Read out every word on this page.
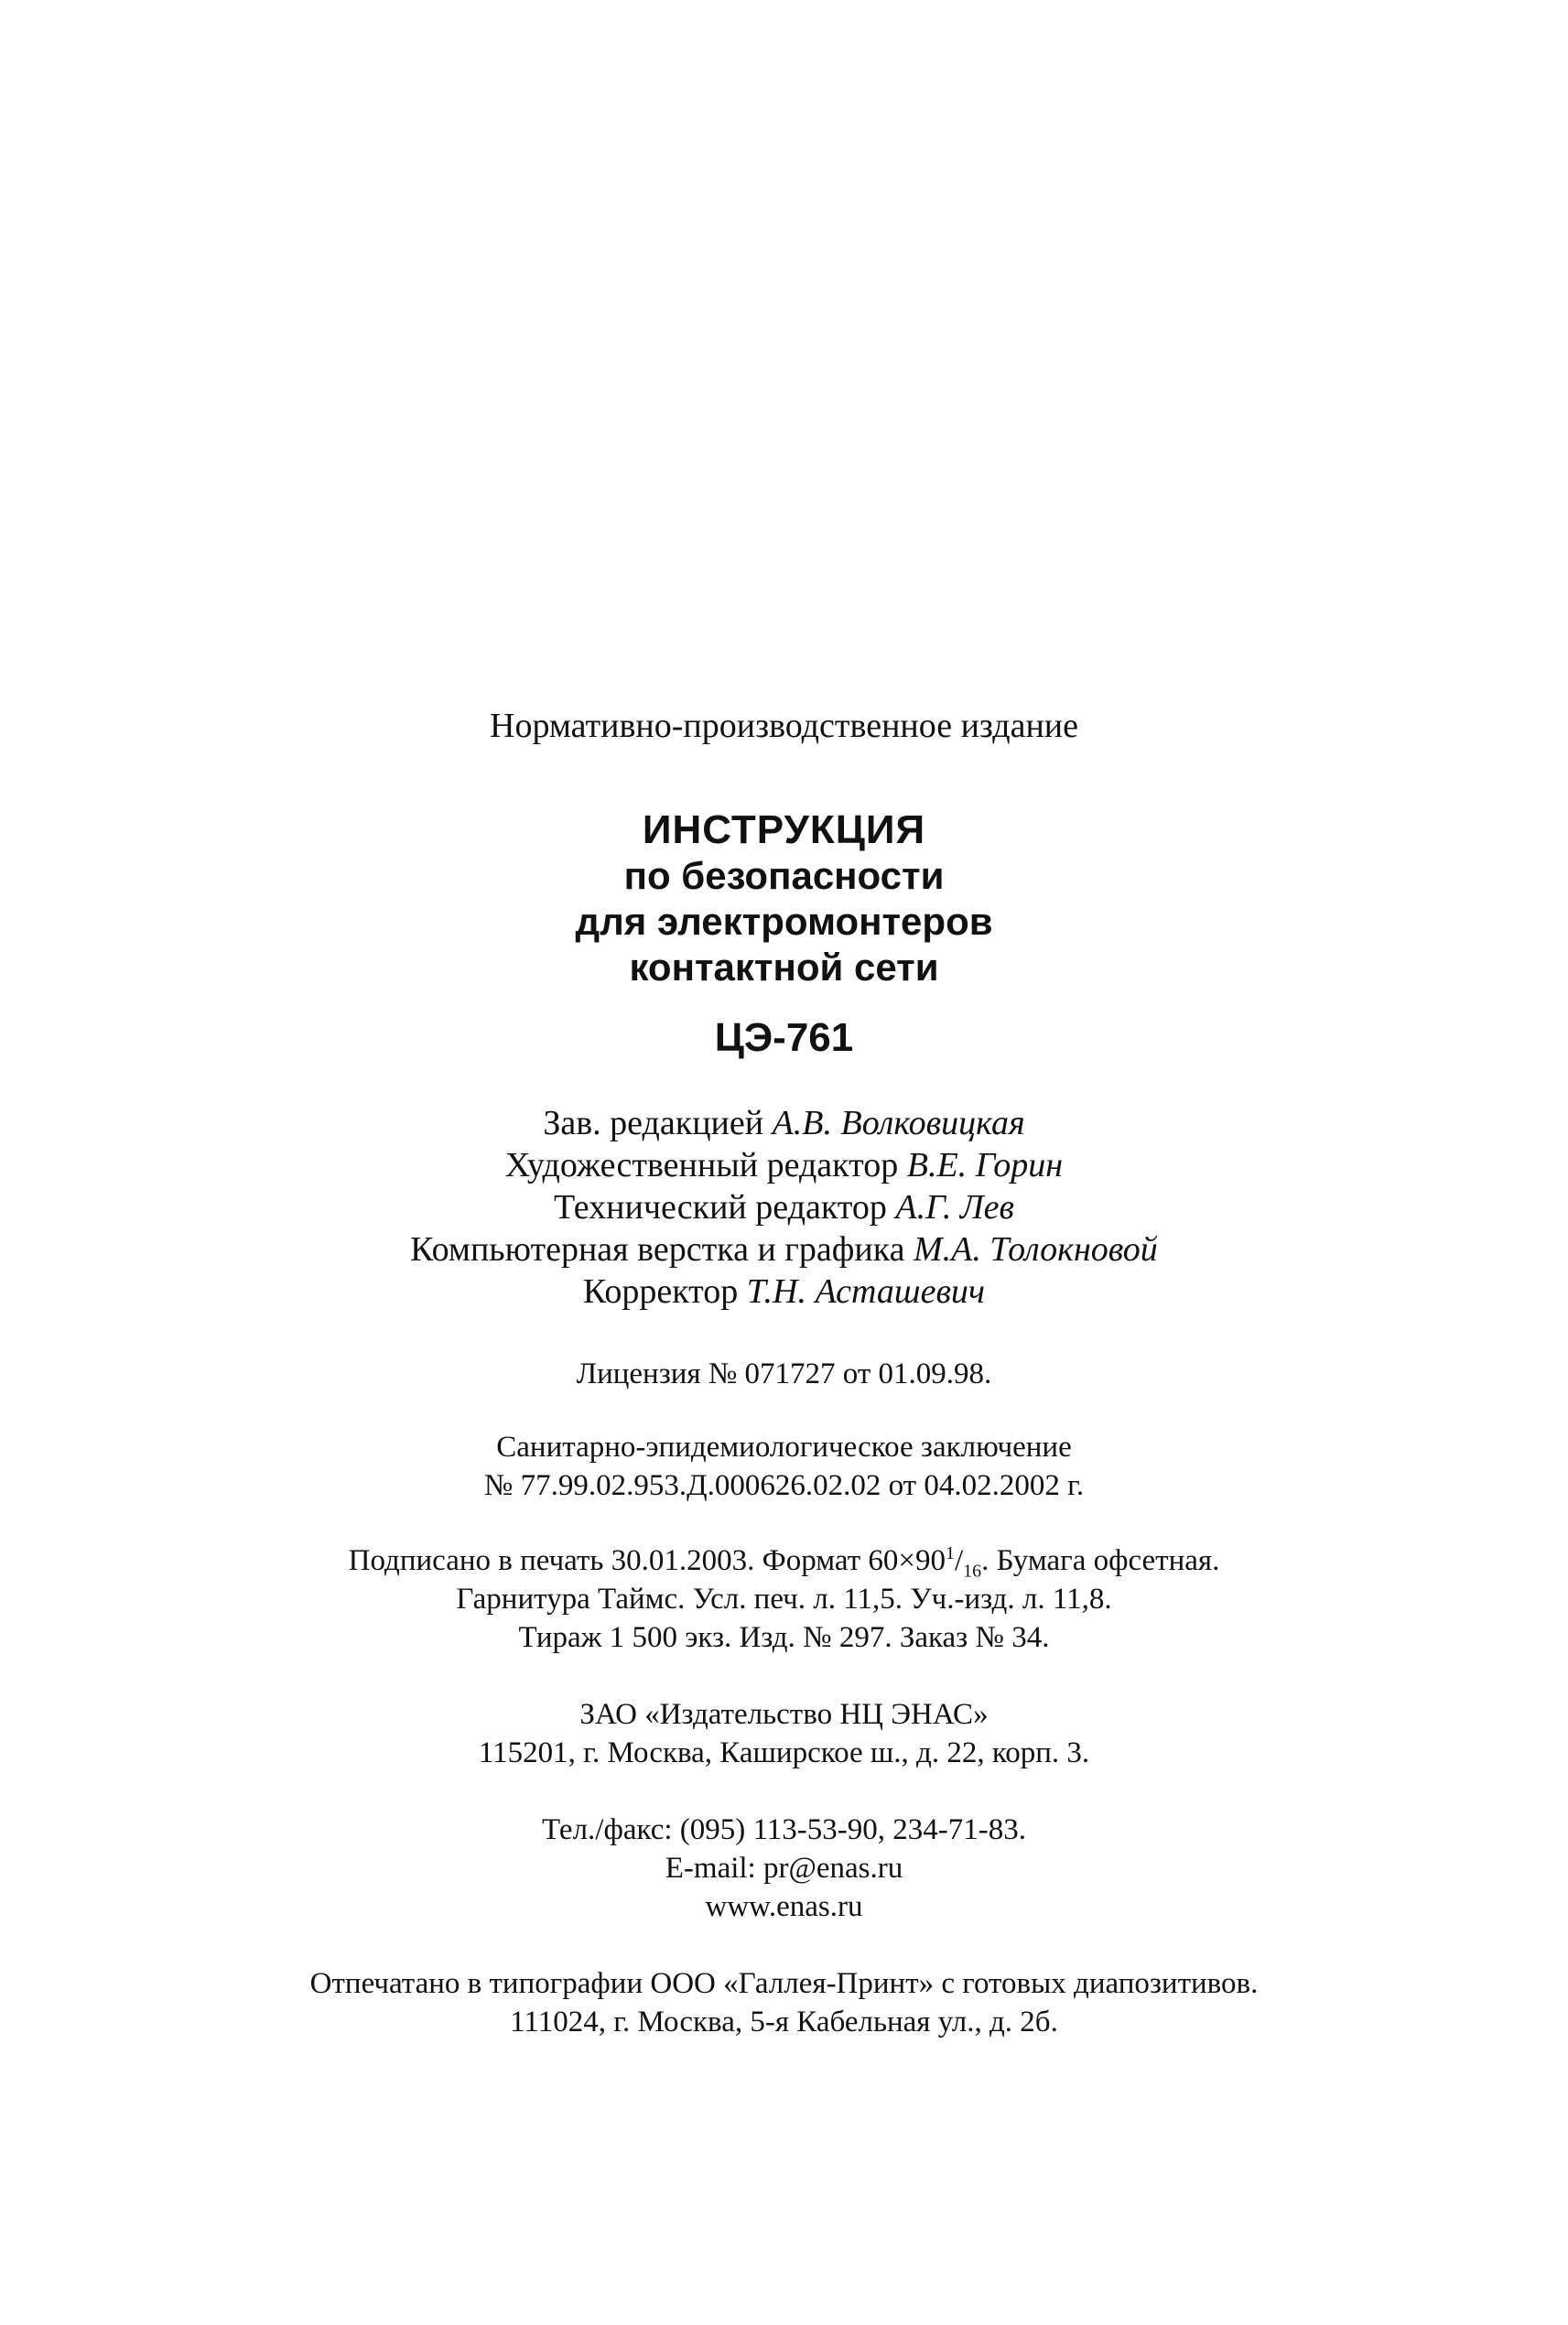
Нормативно-производственное издание
ИНСТРУКЦИЯ
по безопасности
для электромонтеров
контактной сети
ЦЭ-761
Зав. редакцией А.В. Волковицкая
Художественный редактор В.Е. Горин
Технический редактор А.Г. Лев
Компьютерная верстка и графика М.А. Толокновой
Корректор Т.Н. Асташевич
Лицензия № 071727 от 01.09.98.
Санитарно-эпидемиологическое заключение
№ 77.99.02.953.Д.000626.02.02 от 04.02.2002 г.
Подписано в печать 30.01.2003. Формат $60\times 90^1/_{16}$. Бумага офсетная.
Гарнитура Таймс. Усл. печ. л. 11,5. Уч.-изд. л. 11,8.
Тираж 1 500 экз. Изд. № 297. Заказ № 34.
ЗАО «Издательство НЦ ЭНАС»
115201, г. Москва, Каширское ш., д. 22, корп. 3.
Тел./факс: (095) 113-53-90, 234-71-83.
E-mail: pr@enas.ru
www.enas.ru
Отпечатано в типографии ООО «Галлея-Принт» с готовых диапозитивов.
111024, г. Москва, 5-я Кабельная ул., д. 2б.
